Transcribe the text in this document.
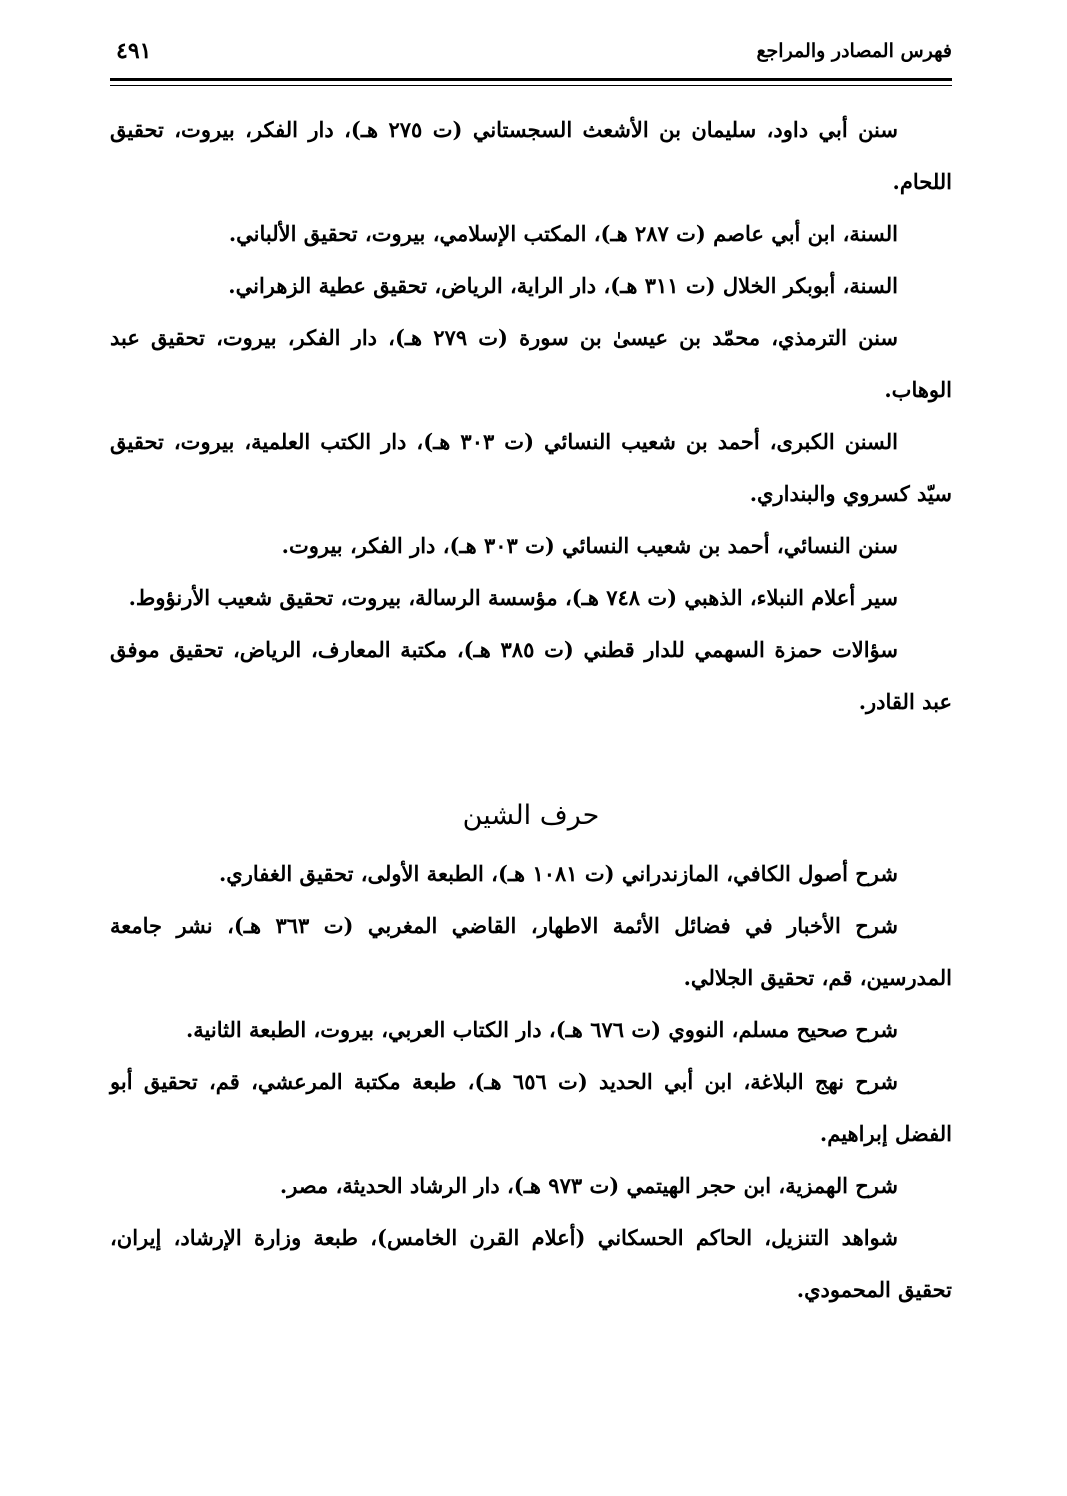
فهرس المصادر والمراجع
٤٩١

سنن أبي داود، سليمان بن الأشعث السجستاني (ت ٢٧٥ هـ)، دار الفكر، بيروت، تحقيق اللحام.

السنة، ابن أبي عاصم (ت ٢٨٧ هـ)، المكتب الإسلامي، بيروت، تحقيق الألباني.

السنة، أبوبكر الخلال (ت ٣١١ هـ)، دار الراية، الرياض، تحقيق عطية الزهراني.

سنن الترمذي، محمّد بن عيسىٰ بن سورة (ت ٢٧٩ هـ)، دار الفكر، بيروت، تحقيق عبد الوهاب.

السنن الكبرى، أحمد بن شعيب النسائي (ت ٣٠٣ هـ)، دار الكتب العلمية، بيروت، تحقيق سيّد كسروي والبنداري.

سنن النسائي، أحمد بن شعيب النسائي (ت ٣٠٣ هـ)، دار الفكر، بيروت.

سير أعلام النبلاء، الذهبي (ت ٧٤٨ هـ)، مؤسسة الرسالة، بيروت، تحقيق شعيب الأرنؤوط.

سؤالات حمزة السهمي للدار قطني (ت ٣٨٥ هـ)، مكتبة المعارف، الرياض، تحقيق موفق عبد القادر.

حرف الشين

شرح أصول الكافي، المازندراني (ت ١٠٨١ هـ)، الطبعة الأولى، تحقيق الغفاري.

شرح الأخبار في فضائل الأئمة الاطهار، القاضي المغربي (ت ٣٦٣ هـ)، نشر جامعة المدرسين، قم، تحقيق الجلالي.

شرح صحيح مسلم، النووي (ت ٦٧٦ هـ)، دار الكتاب العربي، بيروت، الطبعة الثانية.

شرح نهج البلاغة، ابن أبي الحديد (ت ٦٥٦ هـ)، طبعة مكتبة المرعشي، قم، تحقيق أبو الفضل إبراهيم.

شرح الهمزية، ابن حجر الهيتمي (ت ٩٧٣ هـ)، دار الرشاد الحديثة، مصر.

شواهد التنزيل، الحاكم الحسكاني (أعلام القرن الخامس)، طبعة وزارة الإرشاد، إيران، تحقيق المحمودي.
